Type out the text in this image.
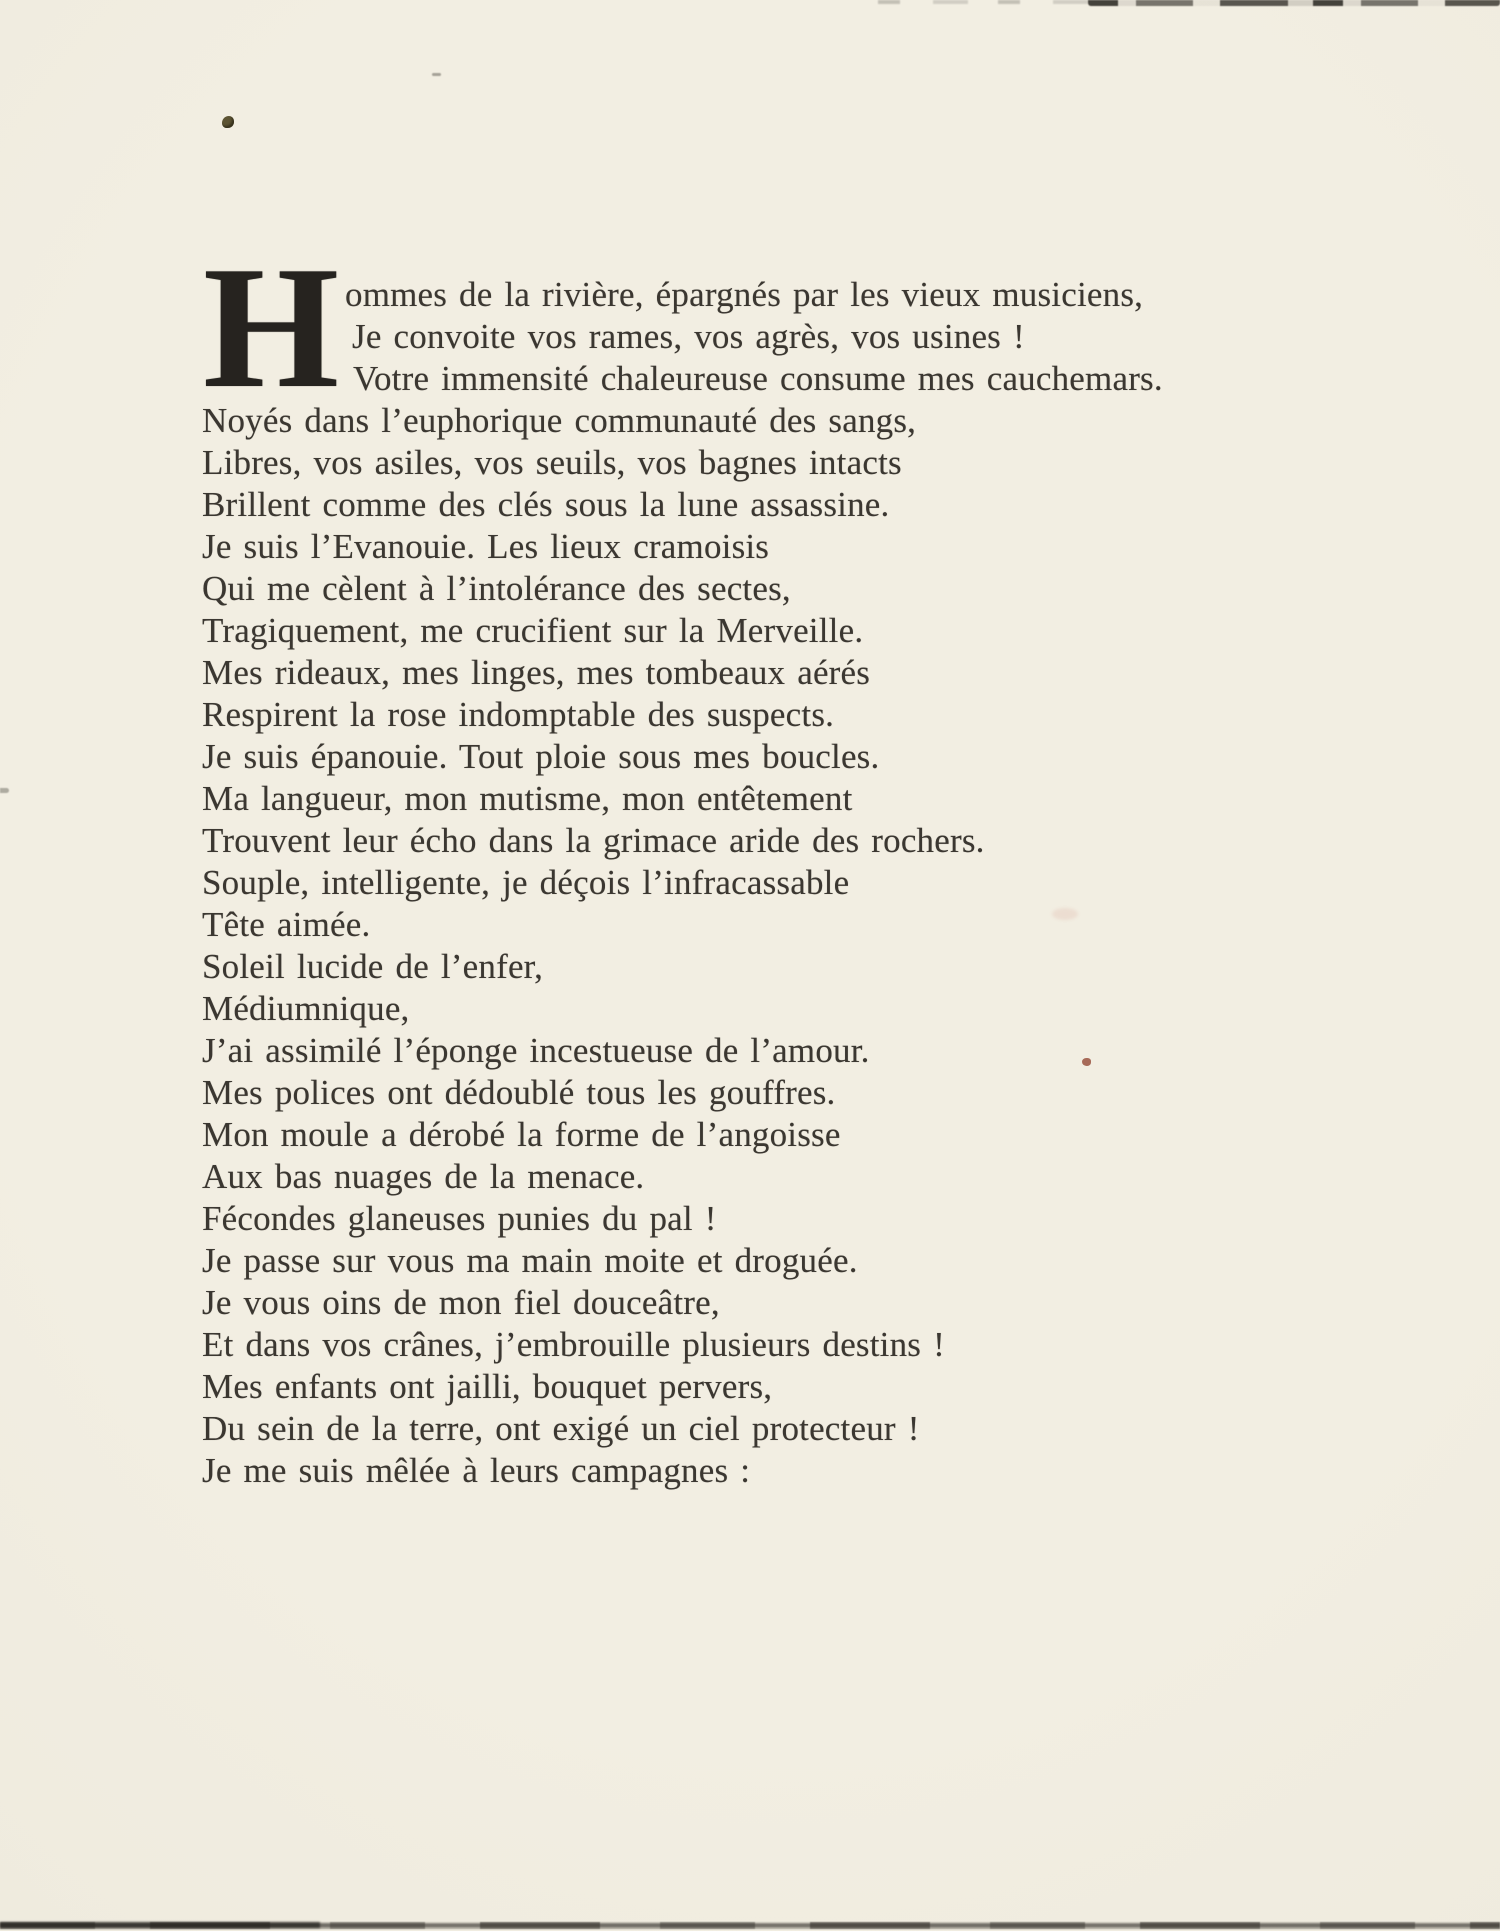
H ommes de la rivière, épargnés par les vieux musiciens,
Je convoite vos rames, vos agrès, vos usines !
Votre immensité chaleureuse consume mes cauchemars.
Noyés dans l’euphorique communauté des sangs,
Libres, vos asiles, vos seuils, vos bagnes intacts
Brillent comme des clés sous la lune assassine.
Je suis l’Evanouie. Les lieux cramoisis
Qui me cèlent à l’intolérance des sectes,
Tragiquement, me crucifient sur la Merveille.
Mes rideaux, mes linges, mes tombeaux aérés
Respirent la rose indomptable des suspects.
Je suis épanouie. Tout ploie sous mes boucles.
Ma langueur, mon mutisme, mon entêtement
Trouvent leur écho dans la grimace aride des rochers.
Souple, intelligente, je déçois l’infracassable
Tête aimée.
Soleil lucide de l’enfer,
Médiumnique,
J’ai assimilé l’éponge incestueuse de l’amour.
Mes polices ont dédoublé tous les gouffres.
Mon moule a dérobé la forme de l’angoisse
Aux bas nuages de la menace.
Fécondes glaneuses punies du pal !
Je passe sur vous ma main moite et droguée.
Je vous oins de mon fiel douceâtre,
Et dans vos crânes, j’embrouille plusieurs destins !
Mes enfants ont jailli, bouquet pervers,
Du sein de la terre, ont exigé un ciel protecteur !
Je me suis mêlée à leurs campagnes :
